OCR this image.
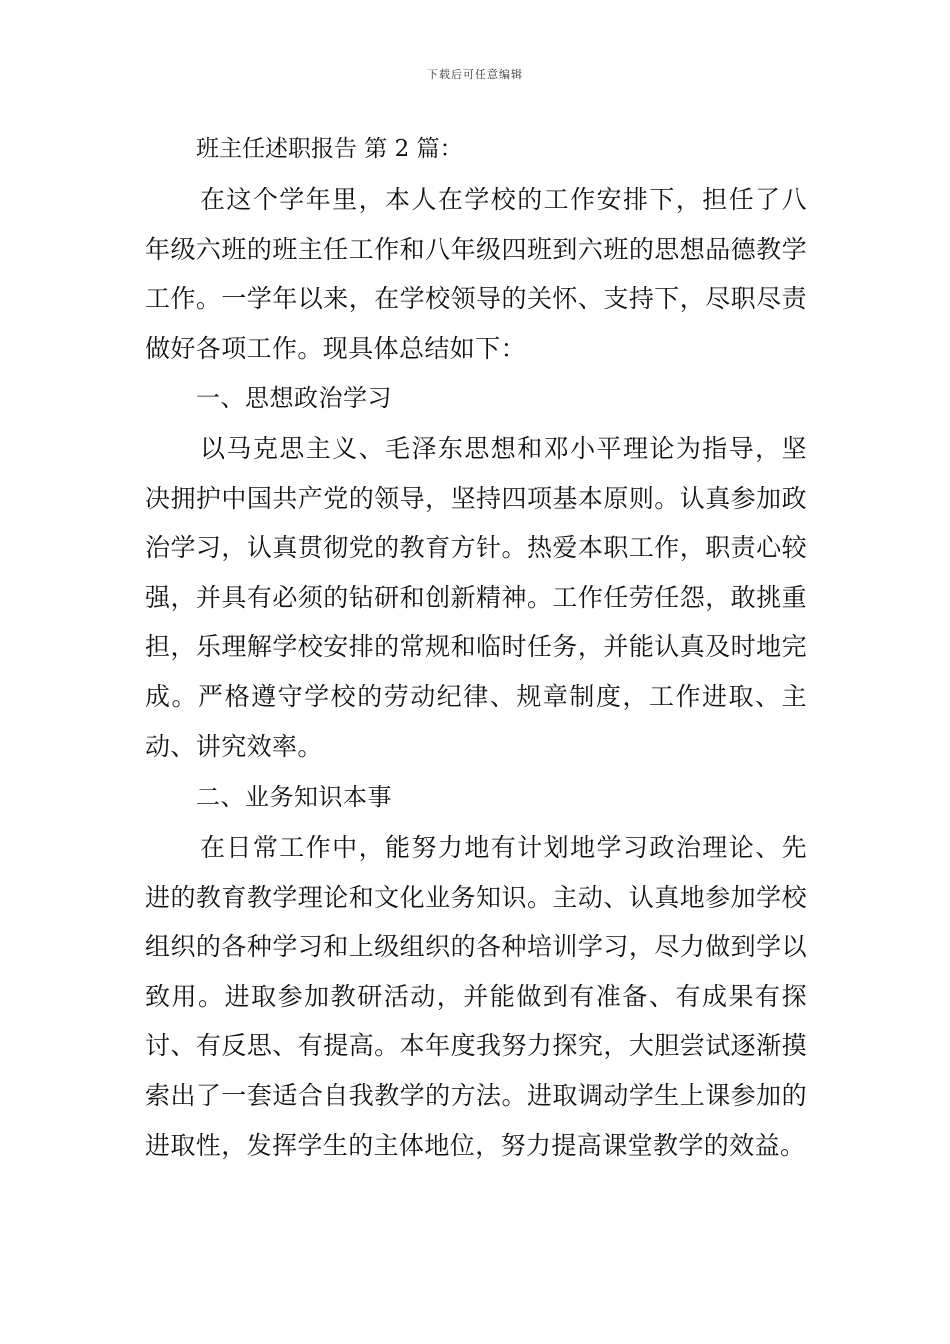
下载后可任意编辑
班主任述职报告 第 2 篇：
在这个学年里，本人在学校的工作安排下，担任了八年级六班的班主任工作和八年级四班到六班的思想品德教学工作。一学年以来，在学校领导的关怀、支持下，尽职尽责做好各项工作。现具体总结如下：
一、思想政治学习
以马克思主义、毛泽东思想和邓小平理论为指导，坚决拥护中国共产党的领导，坚持四项基本原则。认真参加政治学习，认真贯彻党的教育方针。热爱本职工作，职责心较强，并具有必须的钻研和创新精神。工作任劳任怨，敢挑重担，乐理解学校安排的常规和临时任务，并能认真及时地完成。严格遵守学校的劳动纪律、规章制度，工作进取、主动、讲究效率。
二、业务知识本事
在日常工作中，能努力地有计划地学习政治理论、先进的教育教学理论和文化业务知识。主动、认真地参加学校组织的各种学习和上级组织的各种培训学习，尽力做到学以致用。进取参加教研活动，并能做到有准备、有成果有探讨、有反思、有提高。本年度我努力探究，大胆尝试逐渐摸索出了一套适合自我教学的方法。进取调动学生上课参加的进取性，发挥学生的主体地位，努力提高课堂教学的效益。
